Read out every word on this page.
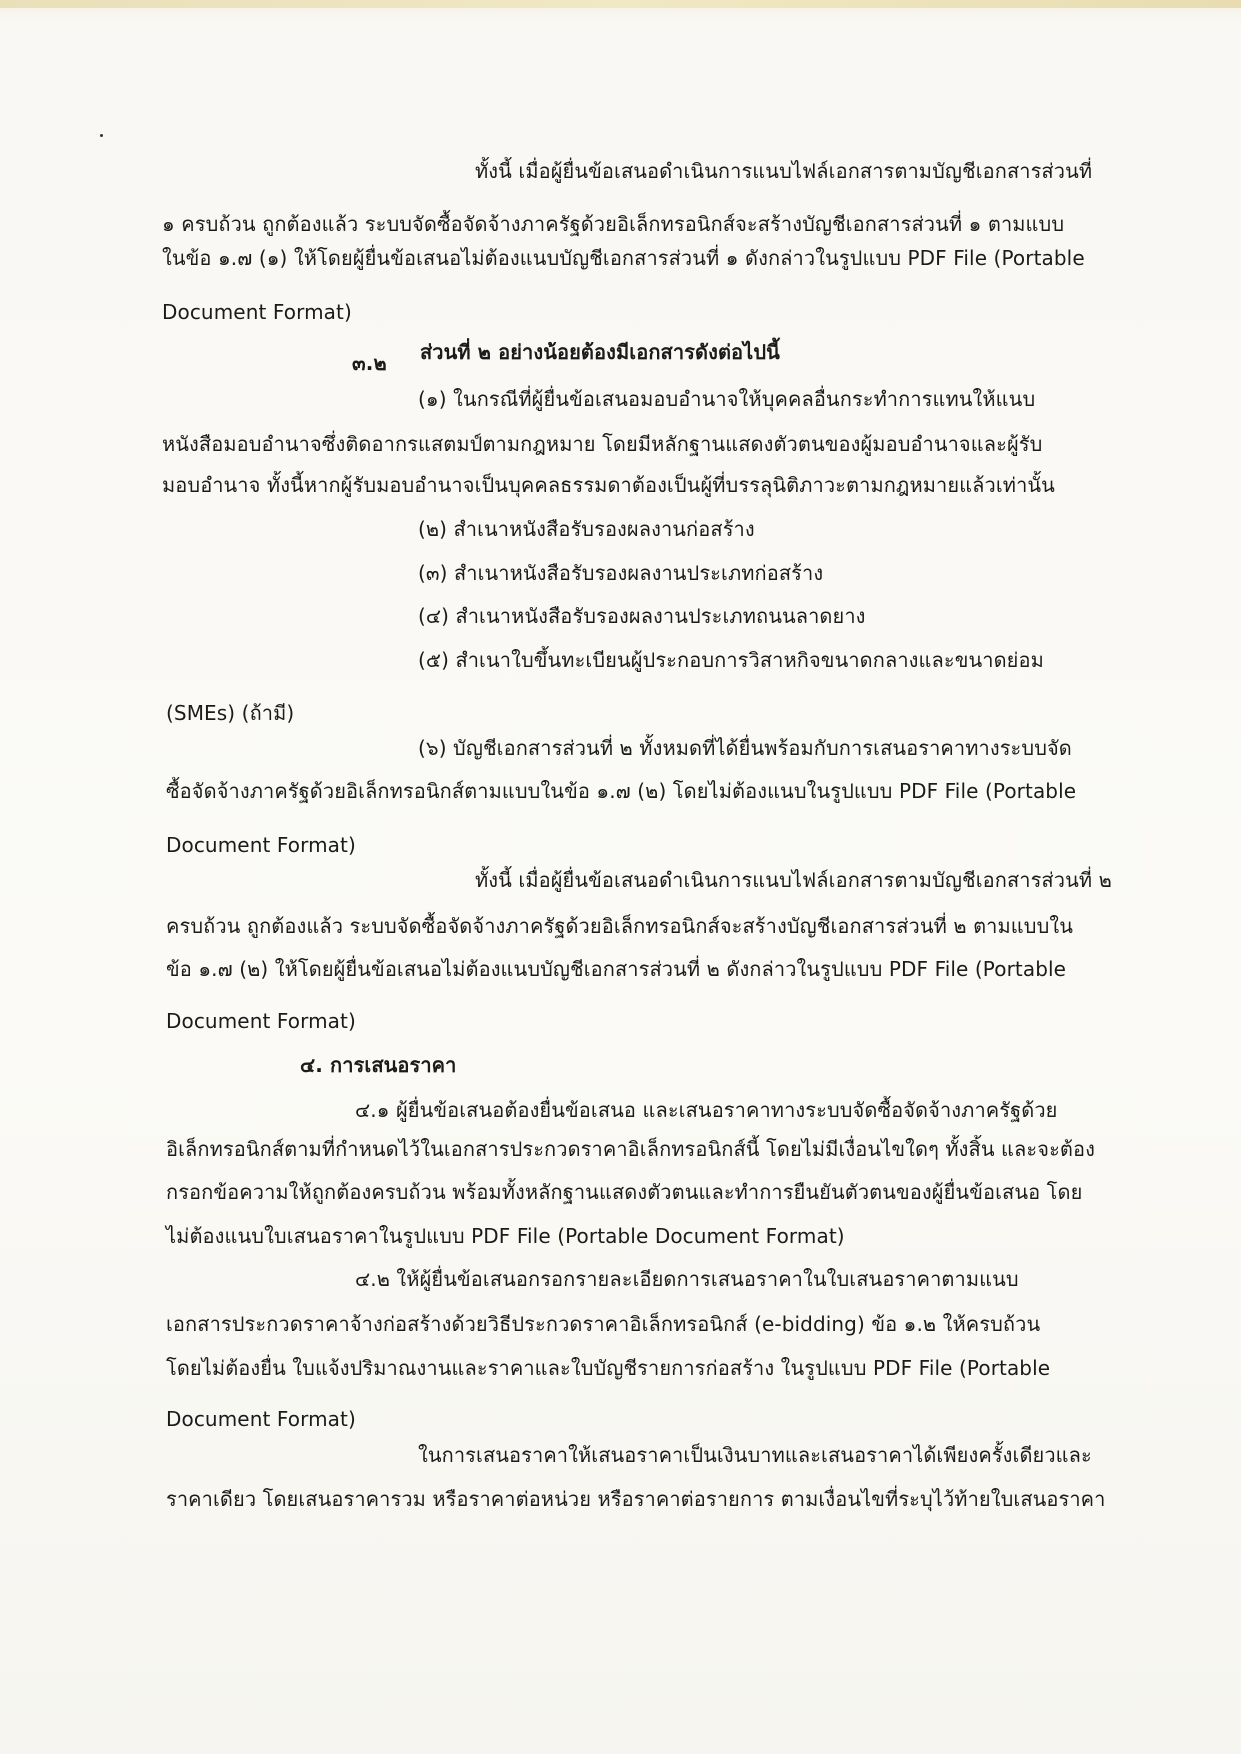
ทั้งนี้ เมื่อผู้ยื่นข้อเสนอดำเนินการแนบไฟล์เอกสารตามบัญชีเอกสารส่วนที่
๑ ครบถ้วน ถูกต้องแล้ว ระบบจัดซื้อจัดจ้างภาครัฐด้วยอิเล็กทรอนิกส์จะสร้างบัญชีเอกสารส่วนที่ ๑ ตามแบบ
ในข้อ ๑.๗ (๑) ให้โดยผู้ยื่นข้อเสนอไม่ต้องแนบบัญชีเอกสารส่วนที่ ๑ ดังกล่าวในรูปแบบ PDF File (Portable
Document Format)
๓.๒ ส่วนที่ ๒ อย่างน้อยต้องมีเอกสารดังต่อไปนี้
(๑) ในกรณีที่ผู้ยื่นข้อเสนอมอบอำนาจให้บุคคลอื่นกระทำการแทนให้แนบ
หนังสือมอบอำนาจซึ่งติดอากรแสตมป์ตามกฎหมาย โดยมีหลักฐานแสดงตัวตนของผู้มอบอำนาจและผู้รับ
มอบอำนาจ ทั้งนี้หากผู้รับมอบอำนาจเป็นบุคคลธรรมดาต้องเป็นผู้ที่บรรลุนิติภาวะตามกฎหมายแล้วเท่านั้น
(๒) สำเนาหนังสือรับรองผลงานก่อสร้าง
(๓) สำเนาหนังสือรับรองผลงานประเภทก่อสร้าง
(๔) สำเนาหนังสือรับรองผลงานประเภทถนนลาดยาง
(๕) สำเนาใบขึ้นทะเบียนผู้ประกอบการวิสาหกิจขนาดกลางและขนาดย่อม
(SMEs) (ถ้ามี)
(๖) บัญชีเอกสารส่วนที่ ๒ ทั้งหมดที่ได้ยื่นพร้อมกับการเสนอราคาทางระบบจัด
ซื้อจัดจ้างภาครัฐด้วยอิเล็กทรอนิกส์ตามแบบในข้อ ๑.๗ (๒) โดยไม่ต้องแนบในรูปแบบ PDF File (Portable
Document Format)
ทั้งนี้ เมื่อผู้ยื่นข้อเสนอดำเนินการแนบไฟล์เอกสารตามบัญชีเอกสารส่วนที่ ๒
ครบถ้วน ถูกต้องแล้ว ระบบจัดซื้อจัดจ้างภาครัฐด้วยอิเล็กทรอนิกส์จะสร้างบัญชีเอกสารส่วนที่ ๒ ตามแบบใน
ข้อ ๑.๗ (๒) ให้โดยผู้ยื่นข้อเสนอไม่ต้องแนบบัญชีเอกสารส่วนที่ ๒ ดังกล่าวในรูปแบบ PDF File (Portable
Document Format)
๔. การเสนอราคา
๔.๑ ผู้ยื่นข้อเสนอต้องยื่นข้อเสนอ และเสนอราคาทางระบบจัดซื้อจัดจ้างภาครัฐด้วย
อิเล็กทรอนิกส์ตามที่กำหนดไว้ในเอกสารประกวดราคาอิเล็กทรอนิกส์นี้ โดยไม่มีเงื่อนไขใดๆ ทั้งสิ้น และจะต้อง
กรอกข้อความให้ถูกต้องครบถ้วน พร้อมทั้งหลักฐานแสดงตัวตนและทำการยืนยันตัวตนของผู้ยื่นข้อเสนอ โดย
ไม่ต้องแนบใบเสนอราคาในรูปแบบ PDF File (Portable Document Format)
๔.๒ ให้ผู้ยื่นข้อเสนอกรอกรายละเอียดการเสนอราคาในใบเสนอราคาตามแนบ
เอกสารประกวดราคาจ้างก่อสร้างด้วยวิธีประกวดราคาอิเล็กทรอนิกส์ (e-bidding) ข้อ ๑.๒ ให้ครบถ้วน
โดยไม่ต้องยื่น ใบแจ้งปริมาณงานและราคาและใบบัญชีรายการก่อสร้าง ในรูปแบบ PDF File (Portable
Document Format)
ในการเสนอราคาให้เสนอราคาเป็นเงินบาทและเสนอราคาได้เพียงครั้งเดียวและ
ราคาเดียว โดยเสนอราคารวม หรือราคาต่อหน่วย หรือราคาต่อรายการ ตามเงื่อนไขที่ระบุไว้ท้ายใบเสนอราคา
